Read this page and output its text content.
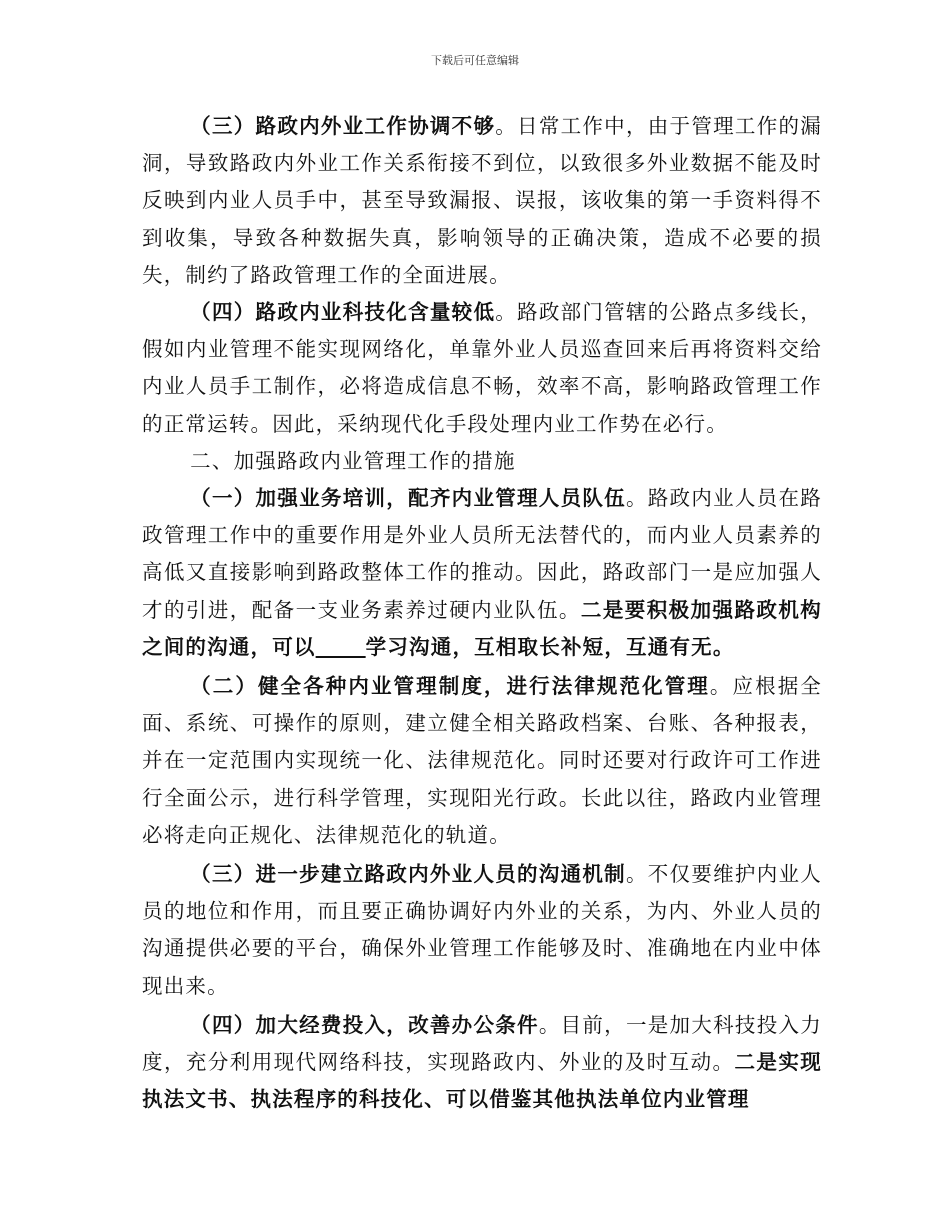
下载后可任意编辑

（三）路政内外业工作协调不够。日常工作中，由于管理工作的漏洞，导致路政内外业工作关系衔接不到位，以致很多外业数据不能及时反映到内业人员手中，甚至导致漏报、误报，该收集的第一手资料得不到收集，导致各种数据失真，影响领导的正确决策，造成不必要的损失，制约了路政管理工作的全面进展。

（四）路政内业科技化含量较低。路政部门管辖的公路点多线长，假如内业管理不能实现网络化，单靠外业人员巡查回来后再将资料交给内业人员手工制作，必将造成信息不畅，效率不高，影响路政管理工作的正常运转。因此，采纳现代化手段处理内业工作势在必行。

二、加强路政内业管理工作的措施

（一）加强业务培训，配齐内业管理人员队伍。路政内业人员在路政管理工作中的重要作用是外业人员所无法替代的，而内业人员素养的高低又直接影响到路政整体工作的推动。因此，路政部门一是应加强人才的引进，配备一支业务素养过硬内业队伍。二是要积极加强路政机构之间的沟通，可以 学习沟通，互相取长补短，互通有无。

（二）健全各种内业管理制度，进行法律规范化管理。应根据全面、系统、可操作的原则，建立健全相关路政档案、台账、各种报表，并在一定范围内实现统一化、法律规范化。同时还要对行政许可工作进行全面公示，进行科学管理，实现阳光行政。长此以往，路政内业管理必将走向正规化、法律规范化的轨道。

（三）进一步建立路政内外业人员的沟通机制。不仅要维护内业人员的地位和作用，而且要正确协调好内外业的关系，为内、外业人员的沟通提供必要的平台，确保外业管理工作能够及时、准确地在内业中体现出来。

（四）加大经费投入，改善办公条件。目前，一是加大科技投入力度，充分利用现代网络科技，实现路政内、外业的及时互动。二是实现执法文书、执法程序的科技化、可以借鉴其他执法单位内业管理
